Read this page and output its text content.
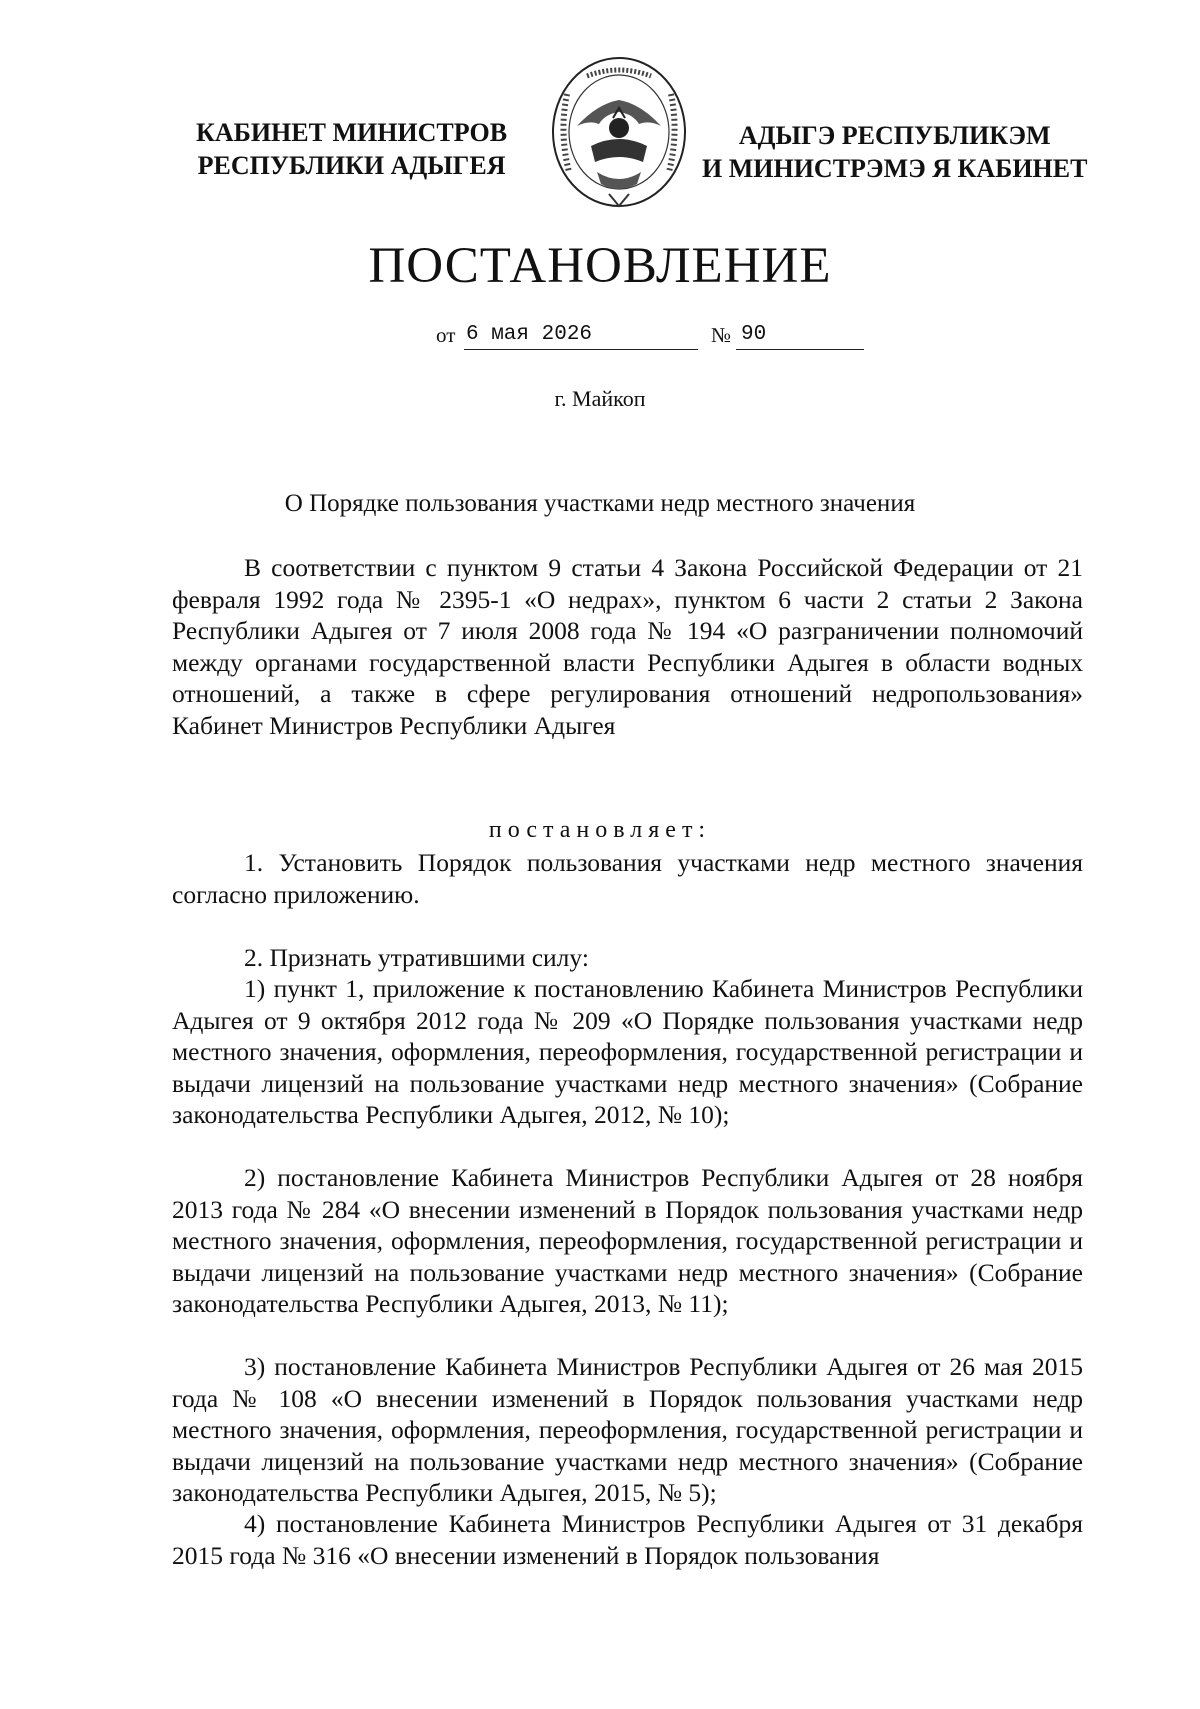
КАБИНЕТ МИНИСТРОВ
РЕСПУБЛИКИ АДЫГЕЯ
АДЫГЭ РЕСПУБЛИКЭМ
И МИНИСТРЭМЭ Я КАБИНЕТ
ПОСТАНОВЛЕНИЕ
от 6 мая 2026	№ 90
г. Майкоп
О Порядке пользования участками недр местного значения

В соответствии с пунктом 9 статьи 4 Закона Российской Федерации от 21 февраля 1992 года № 2395-1 «О недрах», пунктом 6 части 2 статьи 2 Закона Республики Адыгея от 7 июля 2008 года № 194 «О разграничении полномочий между органами государственной власти Республики Адыгея в области водных отношений, а также в сфере регулирования отношений недропользования» Кабинет Министров Республики Адыгея

постановляет:

1. Установить Порядок пользования участками недр местного значения согласно приложению.

2. Признать утратившими силу:

1) пункт 1, приложение к постановлению Кабинета Министров Республики Адыгея от 9 октября 2012 года № 209 «О Порядке пользования участками недр местного значения, оформления, переоформления, государственной регистрации и выдачи лицензий на пользование участками недр местного значения» (Собрание законодательства Республики Адыгея, 2012, № 10);

2) постановление Кабинета Министров Республики Адыгея от 28 ноября 2013 года № 284 «О внесении изменений в Порядок пользования участками недр местного значения, оформления, переоформления, государственной регистрации и выдачи лицензий на пользование участками недр местного значения» (Собрание законодательства Республики Адыгея, 2013, № 11);

3) постановление Кабинета Министров Республики Адыгея от 26 мая 2015 года № 108 «О внесении изменений в Порядок пользования участками недр местного значения, оформления, переоформления, государственной регистрации и выдачи лицензий на пользование участками недр местного значения» (Собрание законодательства Республики Адыгея, 2015, № 5);

4) постановление Кабинета Министров Республики Адыгея от 31 декабря 2015 года № 316 «О внесении изменений в Порядок пользования
